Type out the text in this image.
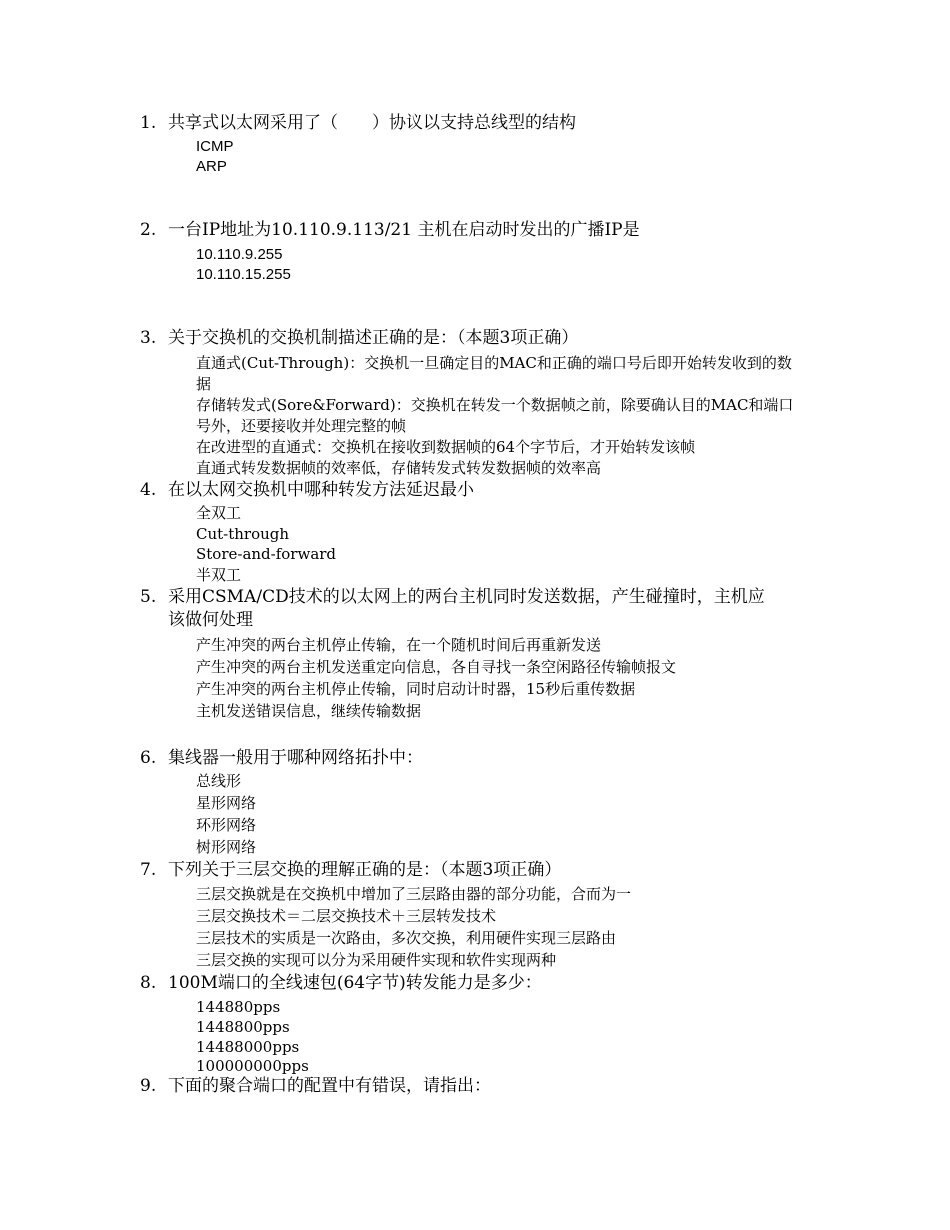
1. 共享式以太网采用了（　　）协议以支持总线型的结构
ICMP
ARP
2. 一台IP地址为10.110.9.113/21 主机在启动时发出的广播IP是
10.110.9.255
10.110.15.255
3. 关于交换机的交换机制描述正确的是：（本题3项正确）
直通式(Cut-Through)：交换机一旦确定目的MAC和正确的端口号后即开始转发收到的数
据
存储转发式(Sore&Forward)：交换机在转发一个数据帧之前，除要确认目的MAC和端口
号外，还要接收并处理完整的帧
在改进型的直通式：交换机在接收到数据帧的64个字节后，才开始转发该帧
直通式转发数据帧的效率低，存储转发式转发数据帧的效率高
4. 在以太网交换机中哪种转发方法延迟最小
全双工
Cut-through
Store-and-forward
半双工
5. 采用CSMA/CD技术的以太网上的两台主机同时发送数据，产生碰撞时，主机应
该做何处理
产生冲突的两台主机停止传输，在一个随机时间后再重新发送
产生冲突的两台主机发送重定向信息，各自寻找一条空闲路径传输帧报文
产生冲突的两台主机停止传输，同时启动计时器，15秒后重传数据
主机发送错误信息，继续传输数据
6. 集线器一般用于哪种网络拓扑中：
总线形
星形网络
环形网络
树形网络
7. 下列关于三层交换的理解正确的是：（本题3项正确）
三层交换就是在交换机中增加了三层路由器的部分功能，合而为一
三层交换技术＝二层交换技术＋三层转发技术
三层技术的实质是一次路由，多次交换，利用硬件实现三层路由
三层交换的实现可以分为采用硬件实现和软件实现两种
8. 100M端口的全线速包(64字节)转发能力是多少：
144880pps
1448800pps
14488000pps
100000000pps
9. 下面的聚合端口的配置中有错误，请指出：
